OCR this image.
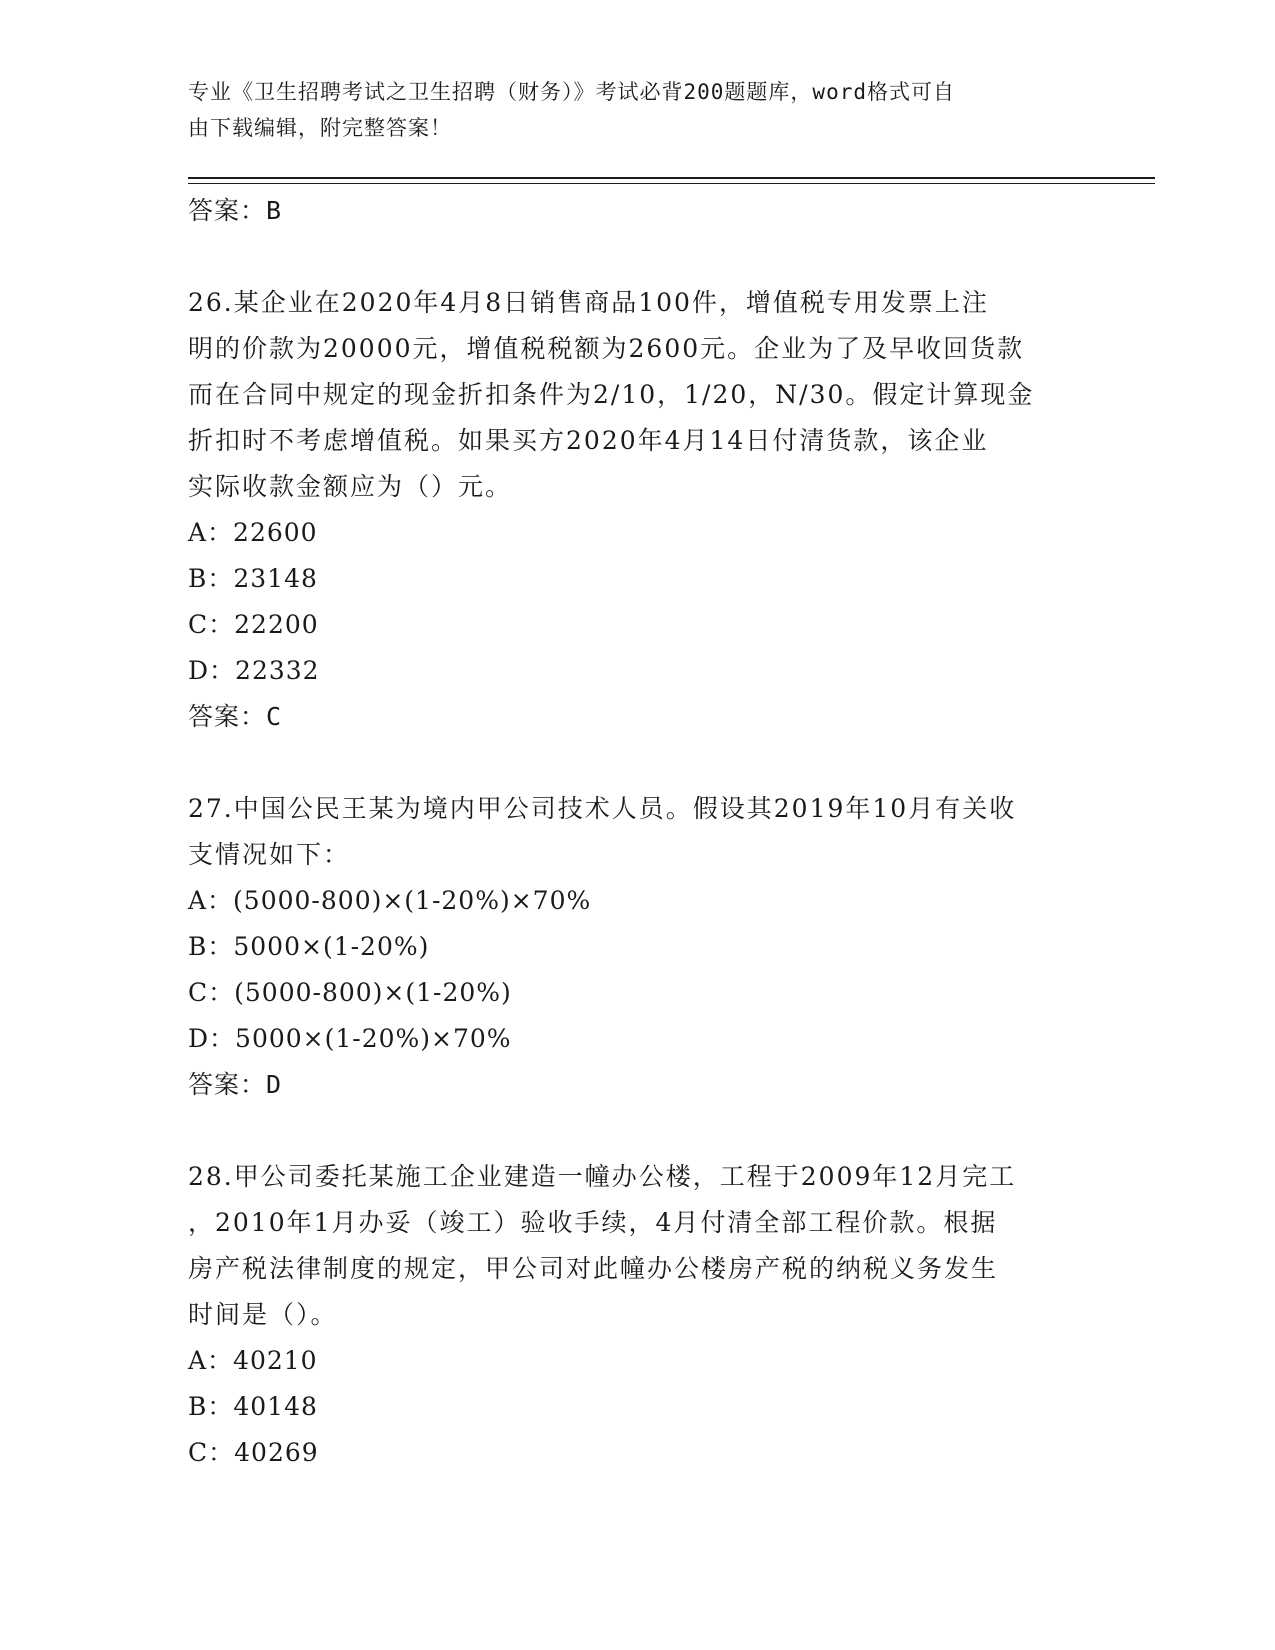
专业《卫生招聘考试之卫生招聘（财务）》考试必背200题题库，word格式可自
由下载编辑，附完整答案！

答案：B

26.某企业在2020年4月8日销售商品100件，增值税专用发票上注

明的价款为20000元，增值税税额为2600元。企业为了及早收回货款

而在合同中规定的现金折扣条件为2/10，1/20，N/30。假定计算现金

折扣时不考虑增值税。如果买方2020年4月14日付清货款，该企业

实际收款金额应为（）元。

A：22600

B：23148

C：22200

D：22332

答案：C

27.中国公民王某为境内甲公司技术人员。假设其2019年10月有关收

支情况如下：

A：(5000-800)×(1-20%)×70%

B：5000×(1-20%)

C：(5000-800)×(1-20%)

D：5000×(1-20%)×70%

答案：D

28.甲公司委托某施工企业建造一幢办公楼，工程于2009年12月完工

，2010年1月办妥（竣工）验收手续，4月付清全部工程价款。根据

房产税法律制度的规定，甲公司对此幢办公楼房产税的纳税义务发生

时间是（）。

A：40210

B：40148

C：40269
